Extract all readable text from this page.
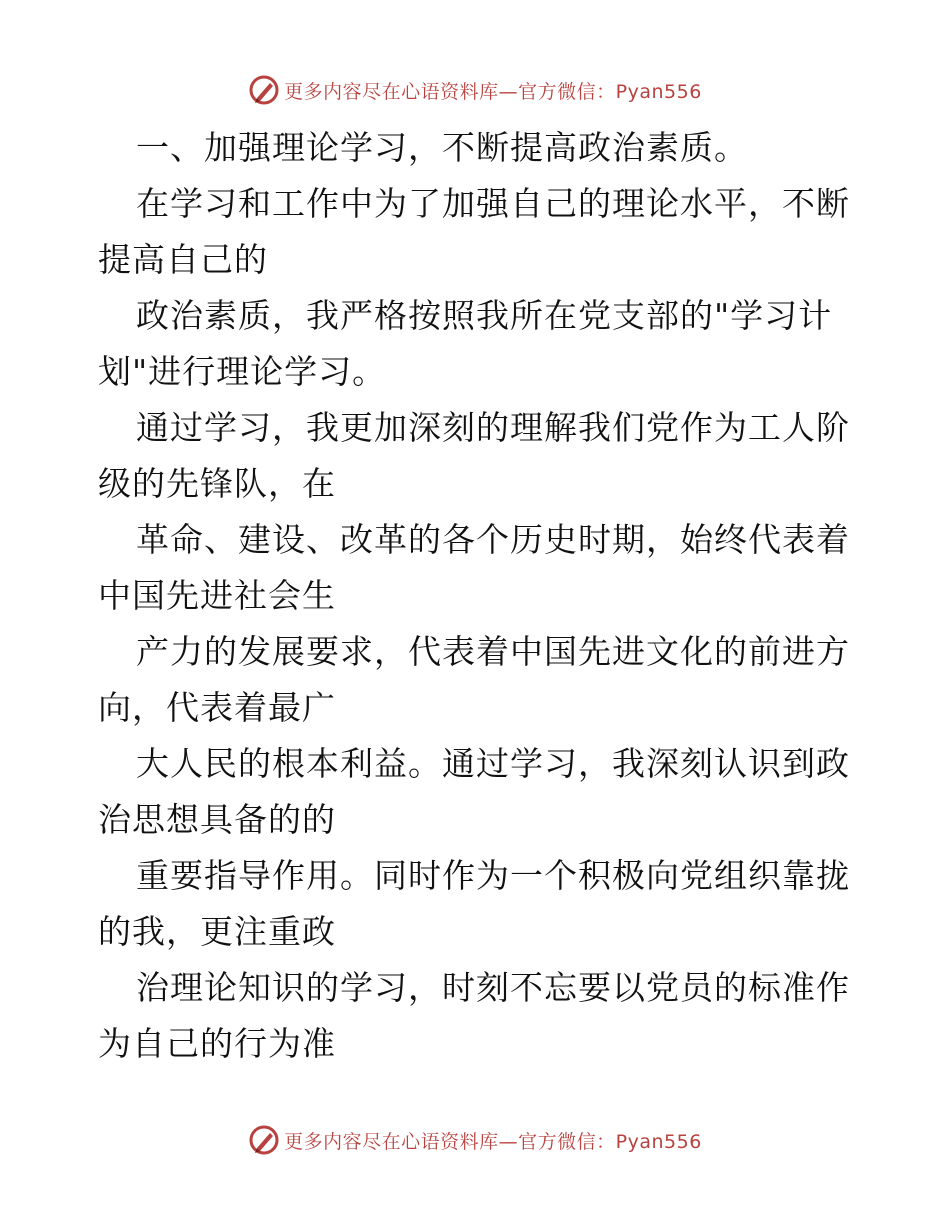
更多内容尽在心语资料库—官方微信：Pyan556
一、加强理论学习，不断提高政治素质。
在学习和工作中为了加强自己的理论水平，不断
提高自己的
政治素质，我严格按照我所在党支部的"学习计
划"进行理论学习。
通过学习，我更加深刻的理解我们党作为工人阶
级的先锋队，在
革命、建设、改革的各个历史时期，始终代表着
中国先进社会生
产力的发展要求，代表着中国先进文化的前进方
向，代表着最广
大人民的根本利益。通过学习，我深刻认识到政
治思想具备的的
重要指导作用。同时作为一个积极向党组织靠拢
的我，更注重政
治理论知识的学习，时刻不忘要以党员的标准作
为自己的行为准
更多内容尽在心语资料库—官方微信：Pyan556
